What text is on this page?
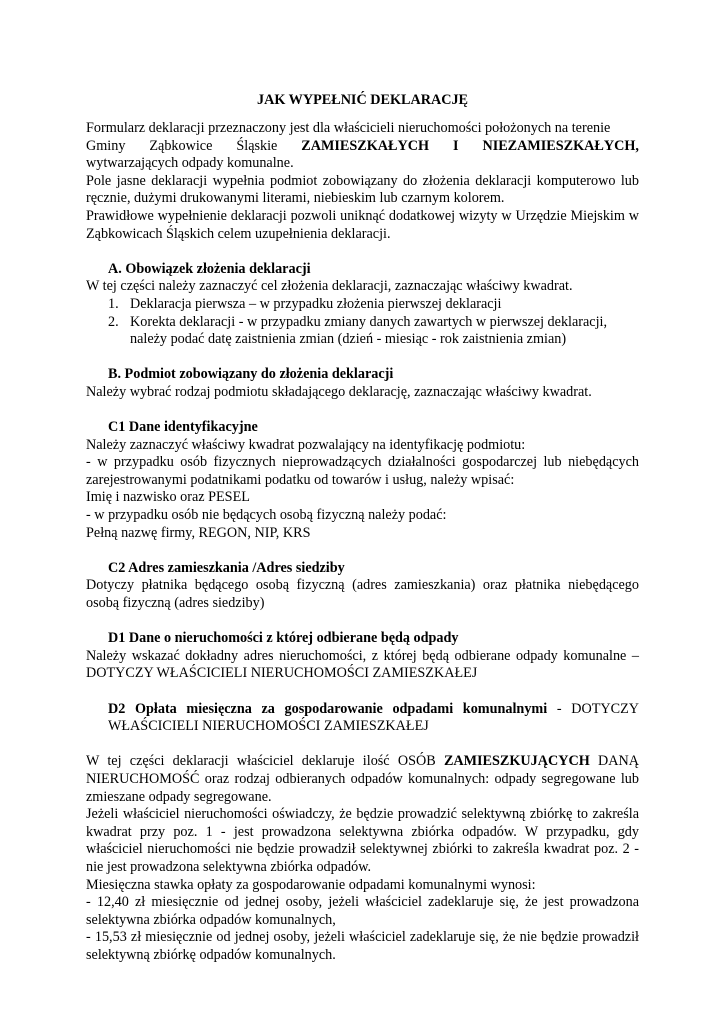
JAK WYPEŁNIĆ DEKLARACJĘ

Formularz deklaracji przeznaczony jest dla właścicieli nieruchomości położonych na terenie

Gminy Ząbkowice Śląskie ZAMIESZKAŁYCH I NIEZAMIESZKAŁYCH,

wytwarzających odpady komunalne.

Pole jasne deklaracji wypełnia podmiot zobowiązany do złożenia deklaracji komputerowo lub ręcznie, dużymi drukowanymi literami, niebieskim lub czarnym kolorem.

Prawidłowe wypełnienie deklaracji pozwoli uniknąć dodatkowej wizyty w Urzędzie Miejskim w Ząbkowicach Śląskich celem uzupełnienia deklaracji.

A. Obowiązek złożenia deklaracji

W tej części należy zaznaczyć cel złożenia deklaracji, zaznaczając właściwy kwadrat.

1. Deklaracja pierwsza – w przypadku złożenia pierwszej deklaracji
2. Korekta deklaracji - w przypadku zmiany danych zawartych w pierwszej deklaracji, należy podać datę zaistnienia zmian (dzień - miesiąc - rok zaistnienia zmian)

B. Podmiot zobowiązany do złożenia deklaracji

Należy wybrać rodzaj podmiotu składającego deklarację, zaznaczając właściwy kwadrat.

C1 Dane identyfikacyjne

Należy zaznaczyć właściwy kwadrat pozwalający na identyfikację podmiotu:

- w przypadku osób fizycznych nieprowadzących działalności gospodarczej lub niebędących zarejestrowanymi podatnikami podatku od towarów i usług, należy wpisać:

Imię i nazwisko oraz PESEL

- w przypadku osób nie będących osobą fizyczną należy podać:

Pełną nazwę firmy, REGON, NIP, KRS

C2 Adres zamieszkania /Adres siedziby

Dotyczy płatnika będącego osobą fizyczną (adres zamieszkania) oraz płatnika niebędącego osobą fizyczną (adres siedziby)

D1 Dane o nieruchomości z której odbierane będą odpady

Należy wskazać dokładny adres nieruchomości, z której będą odbierane odpady komunalne – DOTYCZY WŁAŚCICIELI NIERUCHOMOŚCI ZAMIESZKAŁEJ

D2 Opłata miesięczna za gospodarowanie odpadami komunalnymi - DOTYCZY WŁAŚCICIELI NIERUCHOMOŚCI ZAMIESZKAŁEJ

W tej części deklaracji właściciel deklaruje ilość OSÓB ZAMIESZKUJĄCYCH DANĄ NIERUCHOMOŚĆ oraz rodzaj odbieranych odpadów komunalnych: odpady segregowane lub zmieszane odpady segregowane.

Jeżeli właściciel nieruchomości oświadczy, że będzie prowadzić selektywną zbiórkę to zakreśla kwadrat przy poz. 1 - jest prowadzona selektywna zbiórka odpadów. W przypadku, gdy właściciel nieruchomości nie będzie prowadził selektywnej zbiórki to zakreśla kwadrat poz. 2 - nie jest prowadzona selektywna zbiórka odpadów.

Miesięczna stawka opłaty za gospodarowanie odpadami komunalnymi wynosi:

- 12,40 zł miesięcznie od jednej osoby, jeżeli właściciel zadeklaruje się, że jest prowadzona selektywna zbiórka odpadów komunalnych,

- 15,53 zł miesięcznie od jednej osoby, jeżeli właściciel zadeklaruje się, że nie będzie prowadził selektywną zbiórkę odpadów komunalnych.
